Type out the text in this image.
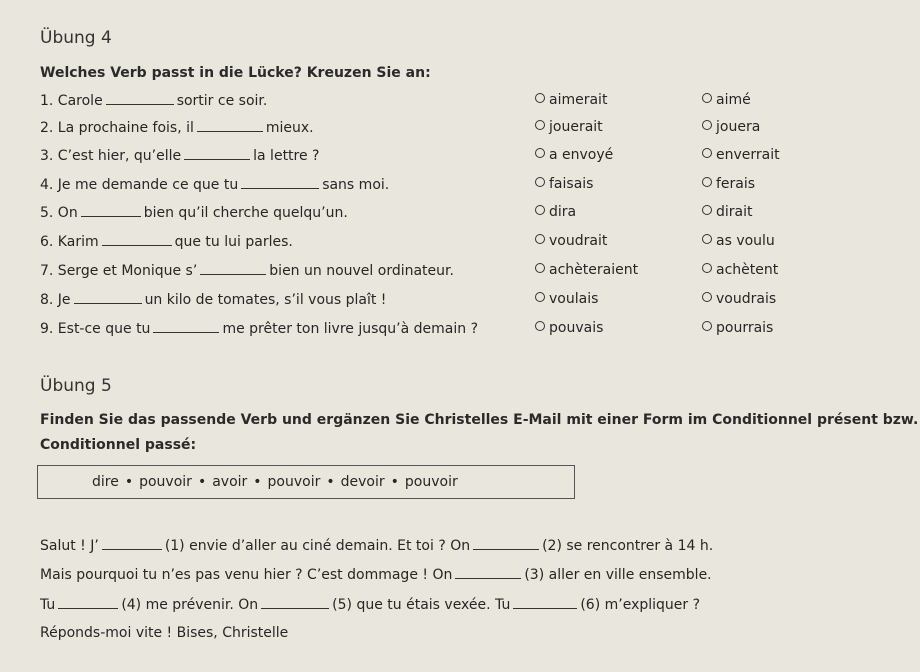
Übung 4
Welches Verb passt in die Lücke? Kreuzen Sie an:
1. Carole	sortir ce soir.	aimerait	aimé
2. La prochaine fois, il	mieux.	jouerait	jouera
3. C’est hier, qu’elle	la lettre ?	a envoyé	enverrait
4. Je me demande ce que tu	sans moi.	faisais	ferais
5. On	bien qu’il cherche quelqu’un.	dira	dirait
6. Karim	que tu lui parles.	voudrait	as voulu
7. Serge et Monique s’	bien un nouvel ordinateur.	achèteraient	achètent
8. Je	un kilo de tomates, s’il vous plaît !	voulais	voudrais
9. Est-ce que tu	me prêter ton livre jusqu’à demain ?	pouvais	pourrais
Übung 5
Finden Sie das passende Verb und ergänzen Sie Christelles E-Mail mit einer Form im Conditionnel présent bzw.
Conditionnel passé:
dire • pouvoir • avoir • pouvoir • devoir • pouvoir
Salut ! J’	(1) envie d’aller au ciné demain. Et toi ? On	(2) se rencontrer à 14 h.
Mais pourquoi tu n’es pas venu hier ? C’est dommage ! On	(3) aller en ville ensemble.
Tu	(4) me prévenir. On	(5) que tu étais vexée. Tu	(6) m’expliquer ?
Réponds-moi vite ! Bises, Christelle
